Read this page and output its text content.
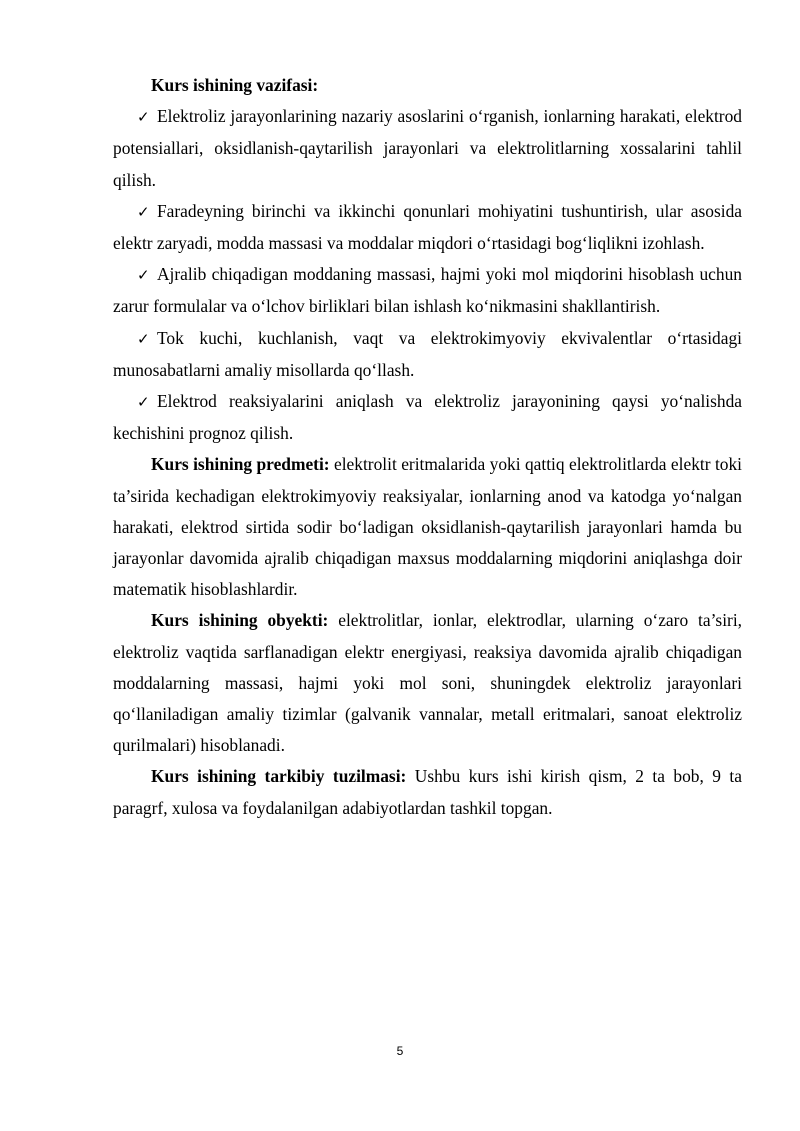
Kurs ishining vazifasi:

✓ Elektroliz jarayonlarining nazariy asoslarini o‘rganish, ionlarning harakati, elektrod potensiallari, oksidlanish-qaytarilish jarayonlari va elektrolitlarning xossalarini tahlil qilish.

✓ Faradeyning birinchi va ikkinchi qonunlari mohiyatini tushuntirish, ular asosida elektr zaryadi, modda massasi va moddalar miqdori o‘rtasidagi bog‘liqlikni izohlash.

✓ Ajralib chiqadigan moddaning massasi, hajmi yoki mol miqdorini hisoblash uchun zarur formulalar va o‘lchov birliklari bilan ishlash ko‘nikmasini shakllantirish.

✓ Tok kuchi, kuchlanish, vaqt va elektrokimyoviy ekvivalentlar o‘rtasidagi munosabatlarni amaliy misollarda qo‘llash.

✓ Elektrod reaksiyalarini aniqlash va elektroliz jarayonining qaysi yo‘nalishda kechishini prognoz qilish.

Kurs ishining predmeti: elektrolit eritmalarida yoki qattiq elektrolitlarda elektr toki ta’sirida kechadigan elektrokimyoviy reaksiyalar, ionlarning anod va katodga yo‘nalgan harakati, elektrod sirtida sodir bo‘ladigan oksidlanish-qaytarilish jarayonlari hamda bu jarayonlar davomida ajralib chiqadigan maxsus moddalarning miqdorini aniqlashga doir matematik hisoblashlardir.

Kurs ishining obyekti: elektrolitlar, ionlar, elektrodlar, ularning o‘zaro ta’siri, elektroliz vaqtida sarflanadigan elektr energiyasi, reaksiya davomida ajralib chiqadigan moddalarning massasi, hajmi yoki mol soni, shuningdek elektroliz jarayonlari qo‘llaniladigan amaliy tizimlar (galvanik vannalar, metall eritmalari, sanoat elektroliz qurilmalari) hisoblanadi.

Kurs ishining tarkibiy tuzilmasi: Ushbu kurs ishi kirish qism, 2 ta bob, 9 ta paragrf, xulosa va foydalanilgan adabiyotlardan tashkil topgan.

5
